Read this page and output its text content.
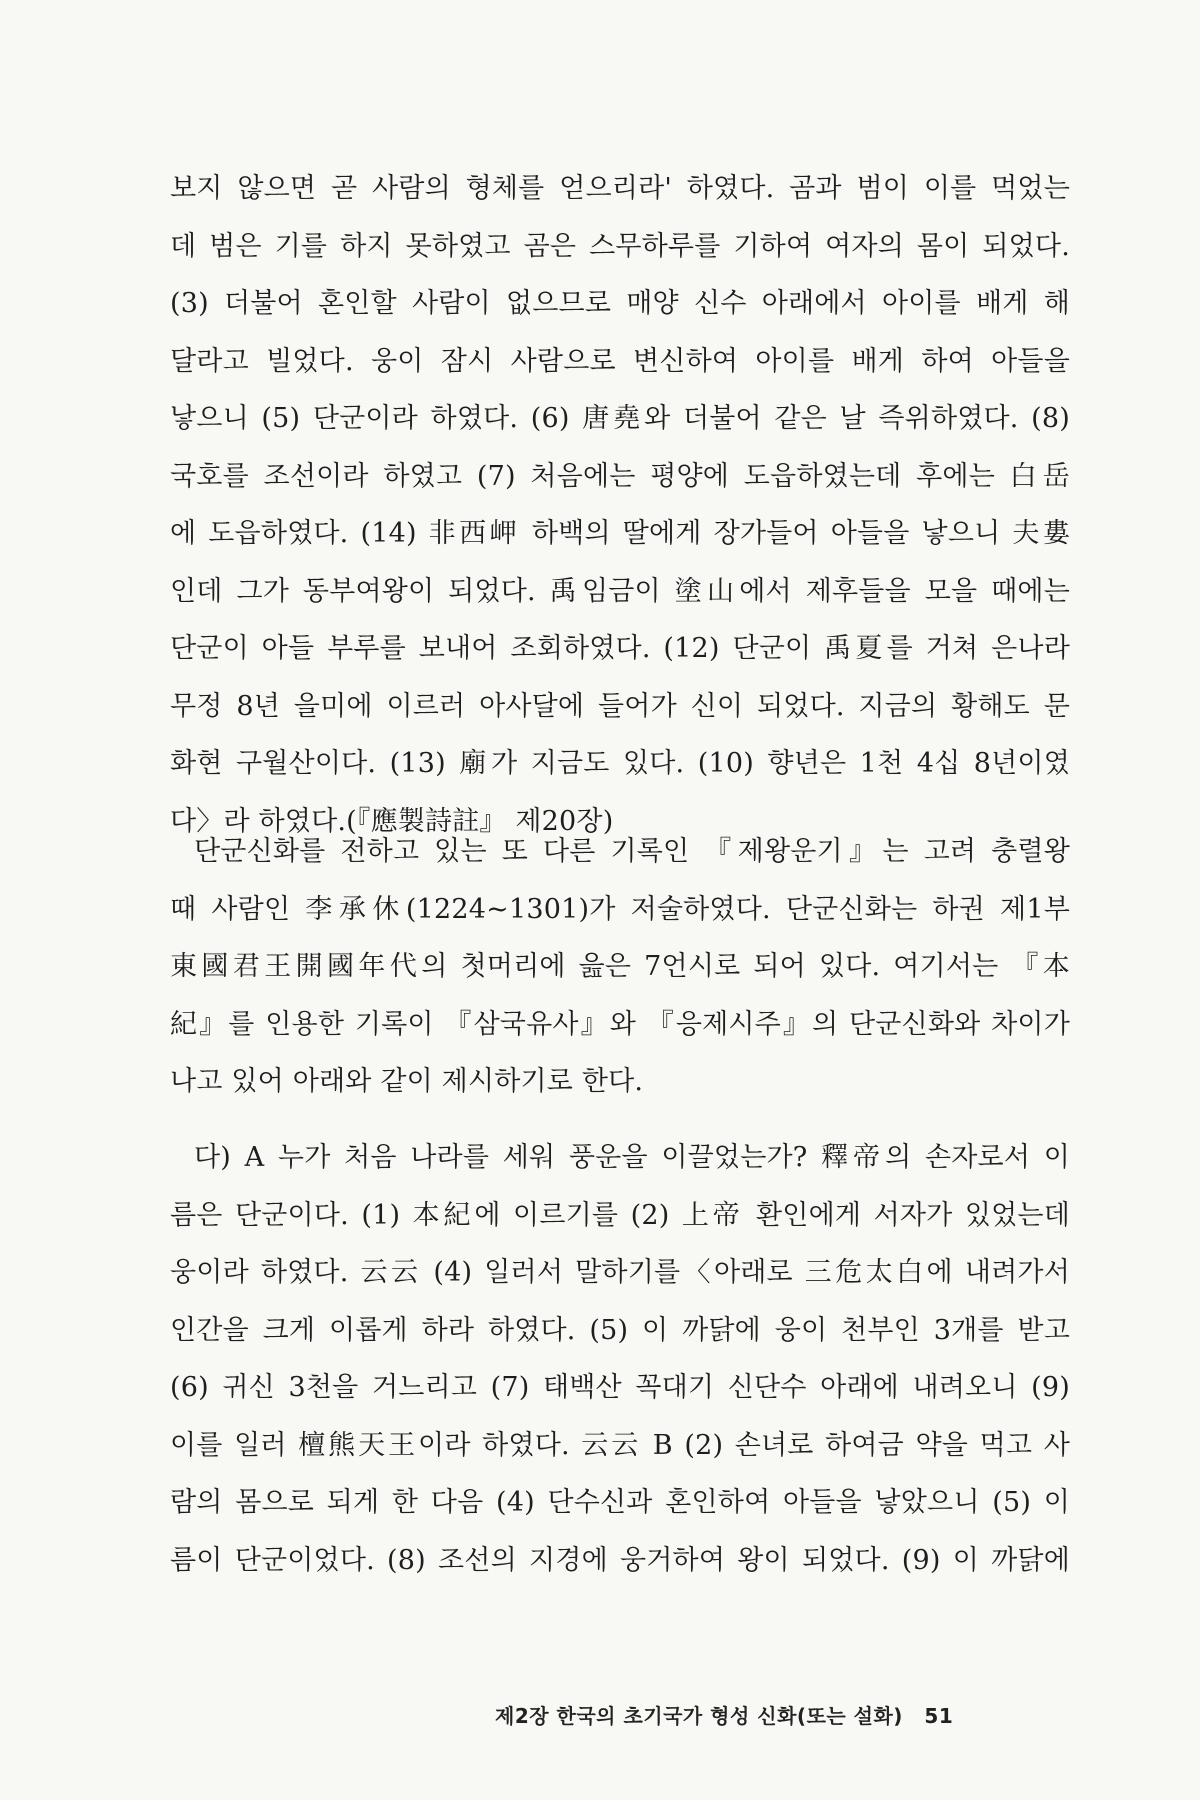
보지 않으면 곧 사람의 형체를 얻으리라' 하였다. 곰과 범이 이를 먹었는
데 범은 기를 하지 못하였고 곰은 스무하루를 기하여 여자의 몸이 되었다.
(3) 더불어 혼인할 사람이 없으므로 매양 신수 아래에서 아이를 배게 해
달라고 빌었다. 웅이 잠시 사람으로 변신하여 아이를 배게 하여 아들을
낳으니 (5) 단군이라 하였다. (6) 唐堯와 더불어 같은 날 즉위하였다. (8)
국호를 조선이라 하였고 (7) 처음에는 평양에 도읍하였는데 후에는 白岳
에 도읍하였다. (14) 非西岬 하백의 딸에게 장가들어 아들을 낳으니 夫婁
인데 그가 동부여왕이 되었다. 禹임금이 塗山에서 제후들을 모을 때에는
단군이 아들 부루를 보내어 조회하였다. (12) 단군이 禹夏를 거쳐 은나라
무정 8년 을미에 이르러 아사달에 들어가 신이 되었다. 지금의 황해도 문
화현 구월산이다. (13) 廟가 지금도 있다. (10) 향년은 1천 4십 8년이였
다〉라 하였다.(『應製詩註』 제20장)
단군신화를 전하고 있는 또 다른 기록인 『제왕운기』는 고려 충렬왕
때 사람인 李承休(1224~1301)가 저술하였다. 단군신화는 하권 제1부
東國君王開國年代의 첫머리에 읊은 7언시로 되어 있다. 여기서는 『本
紀』를 인용한 기록이 『삼국유사』와 『응제시주』의 단군신화와 차이가
나고 있어 아래와 같이 제시하기로 한다.
다) A 누가 처음 나라를 세워 풍운을 이끌었는가? 釋帝의 손자로서 이
름은 단군이다. (1) 本紀에 이르기를 (2) 上帝 환인에게 서자가 있었는데
웅이라 하였다. 云云 (4) 일러서 말하기를〈아래로 三危太白에 내려가서
인간을 크게 이롭게 하라 하였다. (5) 이 까닭에 웅이 천부인 3개를 받고
(6) 귀신 3천을 거느리고 (7) 태백산 꼭대기 신단수 아래에 내려오니 (9)
이를 일러 檀熊天王이라 하였다. 云云 B (2) 손녀로 하여금 약을 먹고 사
람의 몸으로 되게 한 다음 (4) 단수신과 혼인하여 아들을 낳았으니 (5) 이
름이 단군이었다. (8) 조선의 지경에 웅거하여 왕이 되었다. (9) 이 까닭에
제2장 한국의 초기국가 형성 신화(또는 설화) 51
